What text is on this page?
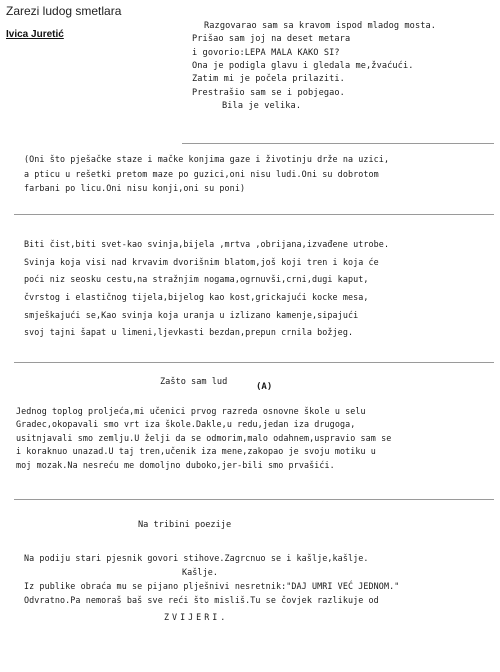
Zarezi ludog smetlara
Ivica Juretić
Razgovarao sam sa kravom ispod mladog mosta.
Prišao sam joj na deset metara
i govorio:LEPA MALA KAKO SI?
Ona je podigla glavu i gledala me,žvaćući.
Zatim mi je počela prilaziti.
Prestrašio sam se i pobjegao.
Bila je velika.
(Oni što pješačke staze i mačke konjima gaze i životinju drže na uzici,
a pticu u rešetki pretom maze po guzici,oni nisu ludi.Oni su dobrotom
farbani po licu.Oni nisu konji,oni su poni)
Biti čist,biti svet-kao svinja,bijela ,mrtva ,obrijana,izvađene utrobe.
Svinja koja visi nad krvavim dvorišnim blatom,još koji tren i koja će
poći niz seosku cestu,na stražnjim nogama,ogrnuvši,crni,dugi kaput,
čvrstog i elastičnog tijela,bijelog kao kost,grickajući kocke mesa,
smješkajući se,Kao svinja koja uranja u izlizano kamenje,sipajući
svoj tajni šapat u limeni,ljevkasti bezdan,prepun crnila božjeg.
Zašto sam lud	(A)
Jednog toplog proljeća,mi učenici prvog razreda osnovne škole u selu
Gradec,okopavali smo vrt iza škole.Dakle,u redu,jedan iza drugoga,
usitnjavali smo zemlju.U želji da se odmorim,malo odahnem,uspravio sam se
i koraknuo unazad.U taj tren,učenik iza mene,zakopao je svoju motiku u
moj mozak.Na nesreću me domoljno duboko,jer-bili smo prvašići.
Na tribini poezije
Na podiju stari pjesnik govori stihove.Zagrcnuo se i kašlje,kašlje.
Kašlje.
Iz publike obraća mu se pijano plješnivi nesretnik:"DAJ UMRI VEĆ JEDNOM."
Odvratno.Pa nemoraš baš sve reći što misliš.Tu se čovjek razlikuje od
ZVIJERI.
